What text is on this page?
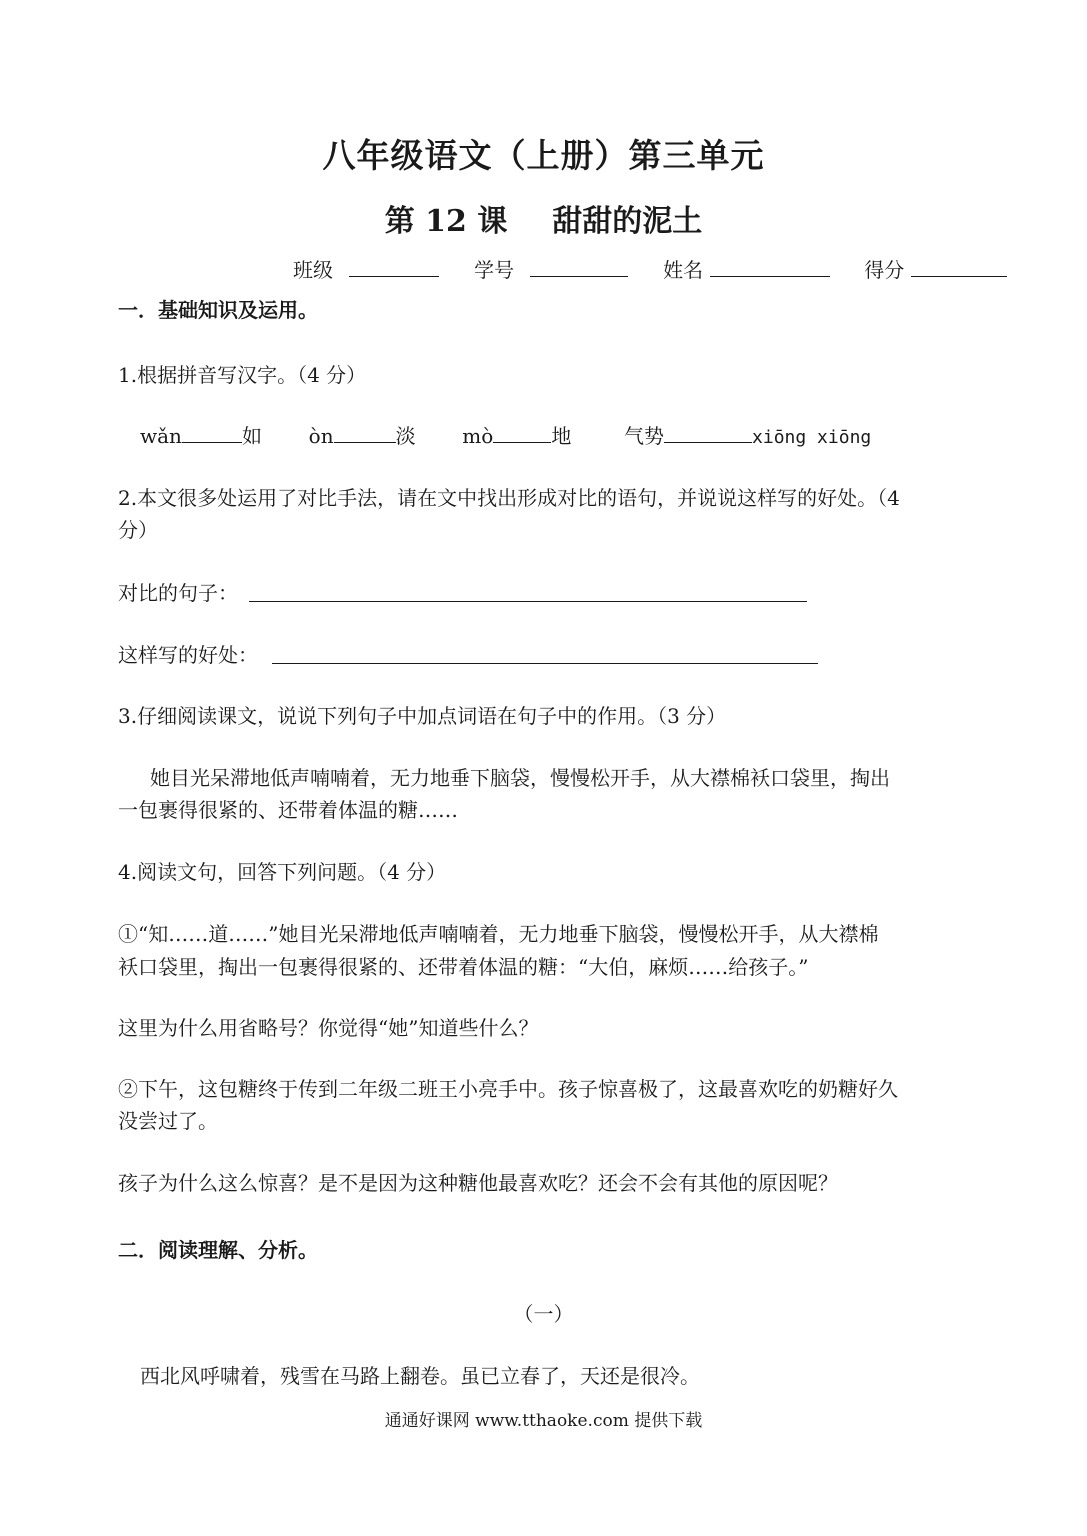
八年级语文（上册）第三单元
第 12 课 甜甜的泥土
班级	学号	姓名	得分
一．基础知识及运用。
1.根据拼音写汉字。（4 分）
wǎn	如 òn	淡 mò	地	气势	xiōng xiōng
2.本文很多处运用了对比手法，请在文中找出形成对比的语句，并说说这样写的好处。（4
分）
对比的句子：
这样写的好处：
3.仔细阅读课文，说说下列句子中加点词语在句子中的作用。（3 分）
她目光呆滞地低声喃喃着，无力地垂下脑袋，慢慢松开手，从大襟棉袄口袋里，掏出
一包裹得很紧的、还带着体温的糖……
4.阅读文句，回答下列问题。（4 分）
①“知……道……”她目光呆滞地低声喃喃着，无力地垂下脑袋，慢慢松开手，从大襟棉
袄口袋里，掏出一包裹得很紧的、还带着体温的糖：“大伯，麻烦……给孩子。”
这里为什么用省略号？你觉得“她”知道些什么？
②下午，这包糖终于传到二年级二班王小亮手中。孩子惊喜极了，这最喜欢吃的奶糖好久
没尝过了。
孩子为什么这么惊喜？是不是因为这种糖他最喜欢吃？还会不会有其他的原因呢？
二．阅读理解、分析。
（一）
西北风呼啸着，残雪在马路上翻卷。虽已立春了，天还是很冷。
通通好课网 www.tthaoke.com 提供下载
